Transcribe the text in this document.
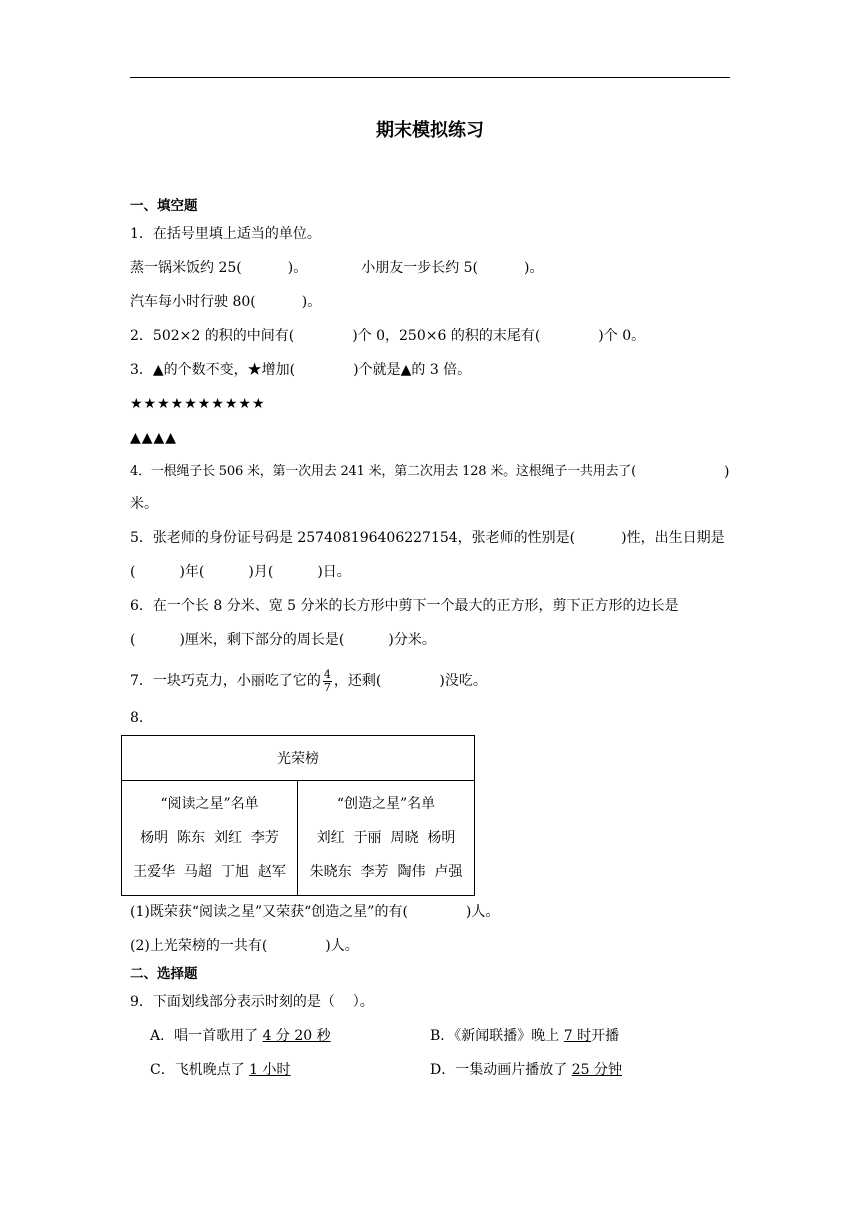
期末模拟练习
一、填空题
1．在括号里填上适当的单位。
蒸一锅米饭约 25(	)。	小朋友一步长约 5(	)。
汽车每小时行驶 80(	)。
2．502×2 的积的中间有(	)个 0，250×6 的积的末尾有(	)个 0。
3．▲的个数不变，★增加(	)个就是▲的 3 倍。
★★★★★★★★★★
▲▲▲▲
4．一根绳子长 506 米，第一次用去 241 米，第二次用去 128 米。这根绳子一共用去了(	)
米。
5．张老师的身份证号码是 257408196406227154，张老师的性别是(	)性，出生日期是
(	)年(	)月(	)日。
6．在一个长 8 分米、宽 5 分米的长方形中剪下一个最大的正方形，剪下正方形的边长是
(	)厘米，剩下部分的周长是(	)分米。
7．一块巧克力，小丽吃了它的 $\frac{4}{7}$ ，还剩(	)没吃。
8．
光荣榜

“阅读之星”名单
杨明  陈东  刘红  李芳
王爱华  马超  丁旭  赵军

“创造之星”名单
刘红  于丽  周晓  杨明
朱晓东  李芳  陶伟  卢强
(1)既荣获“阅读之星”又荣获“创造之星”的有(	)人。
(2)上光荣榜的一共有(	)人。
二、选择题
9．下面划线部分表示时刻的是（    ）。
A．唱一首歌用了 4 分 20 秒	B．《新闻联播》晚上 7 时开播
C．飞机晚点了 1 小时	D．一集动画片播放了 25 分钟
